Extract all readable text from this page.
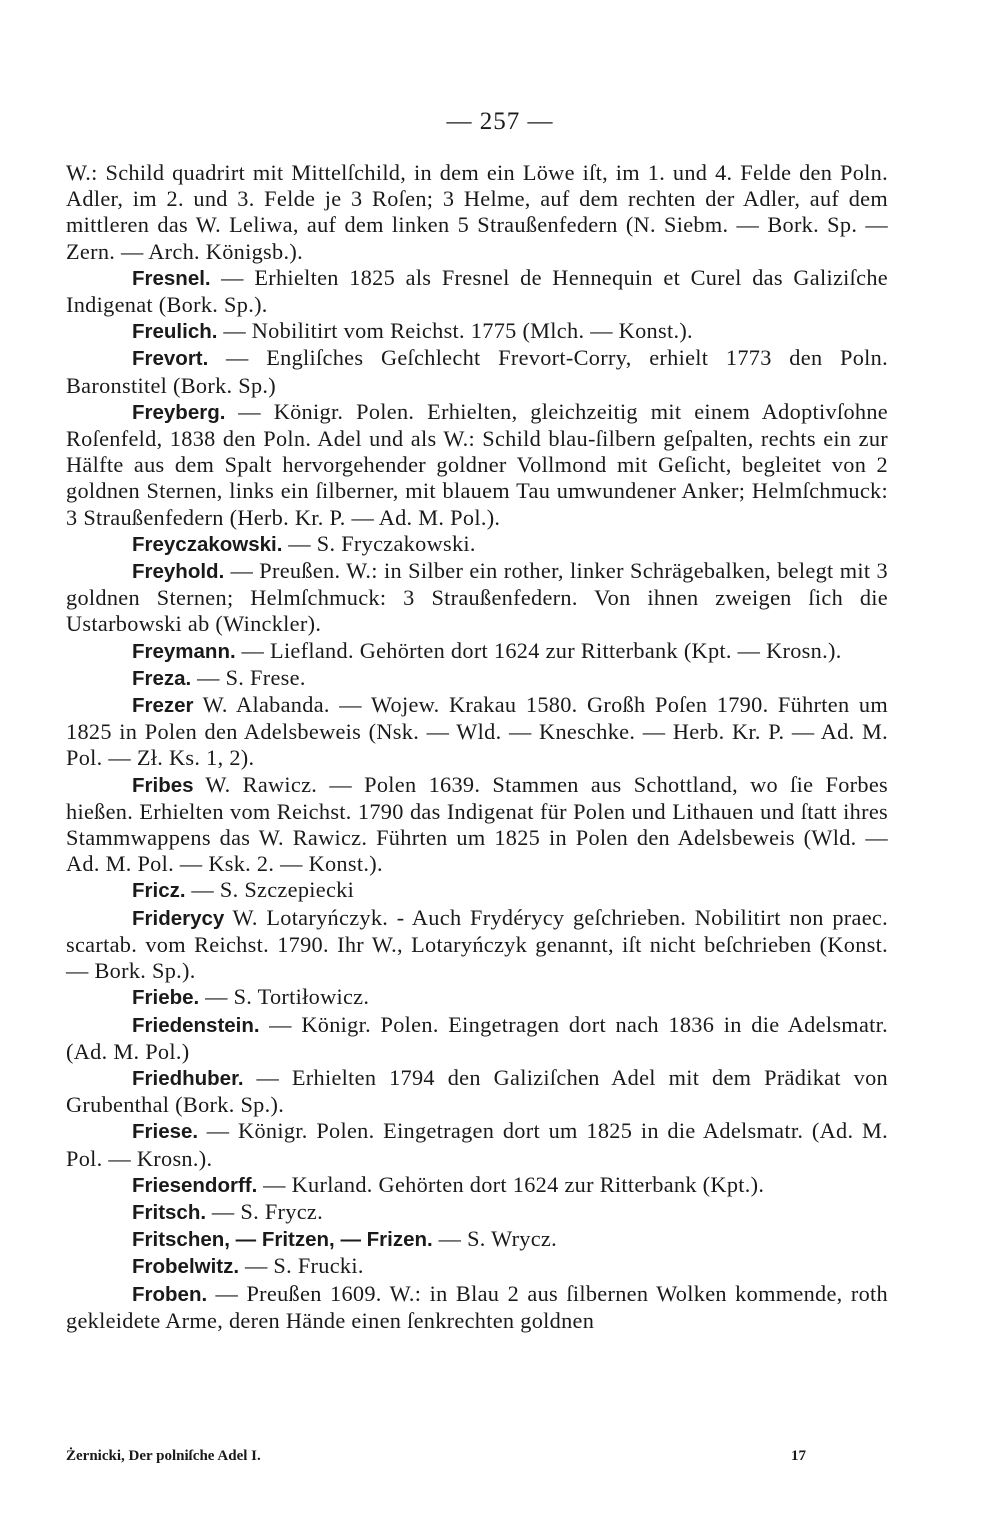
— 257 —

W.: Schild quadrirt mit Mittelſchild, in dem ein Löwe iſt, im 1. und 4. Felde den Poln. Adler, im 2. und 3. Felde je 3 Roſen; 3 Helme, auf dem rechten der Adler, auf dem mittleren das W. Leliwa, auf dem linken 5 Straußenfedern (N. Siebm. — Bork. Sp. — Zern. — Arch. Königsb.).

Fresnel. — Erhielten 1825 als Fresnel de Hennequin et Curel das Galiziſche Indigenat (Bork. Sp.).

Freulich. — Nobilitirt vom Reichst. 1775 (Mlch. — Konst.).

Frevort. — Engliſches Geſchlecht Frevort-Corry, erhielt 1773 den Poln. Baronstitel (Bork. Sp.)

Freyberg. — Königr. Polen. Erhielten, gleichzeitig mit einem Adoptivſohne Roſenfeld, 1838 den Poln. Adel und als W.: Schild blau-ſilbern geſpalten, rechts ein zur Hälfte aus dem Spalt hervorgehender goldner Vollmond mit Geſicht, begleitet von 2 goldnen Sternen, links ein ſilberner, mit blauem Tau umwundener Anker; Helmſchmuck: 3 Straußenfedern (Herb. Kr. P. — Ad. M. Pol.).

Freyczakowski. — S. Fryczakowski.

Freyhold. — Preußen. W.: in Silber ein rother, linker Schrägebalken, belegt mit 3 goldnen Sternen; Helmſchmuck: 3 Straußenfedern. Von ihnen zweigen ſich die Ustarbowski ab (Winckler).

Freymann. — Liefland. Gehörten dort 1624 zur Ritterbank (Kpt. — Krosn.).

Freza. — S. Frese.

Frezer W. Alabanda. — Wojew. Krakau 1580. Großh Poſen 1790. Führten um 1825 in Polen den Adelsbeweis (Nsk. — Wld. — Kneschke. — Herb. Kr. P. — Ad. M. Pol. — Zł. Ks. 1, 2).

Fribes W. Rawicz. — Polen 1639. Stammen aus Schottland, wo ſie Forbes hießen. Erhielten vom Reichst. 1790 das Indigenat für Polen und Lithauen und ſtatt ihres Stammwappens das W. Rawicz. Führten um 1825 in Polen den Adelsbeweis (Wld. — Ad. M. Pol. — Ksk. 2. — Konst.).

Fricz. — S. Szczepiecki

Friderycy W. Lotaryńczyk. - Auch Frydérycy geſchrieben. Nobilitirt non praec. scartab. vom Reichst. 1790. Ihr W., Lotaryńczyk genannt, iſt nicht beſchrieben (Konst. — Bork. Sp.).

Friebe. — S. Tortiłowicz.

Friedenstein. — Königr. Polen. Eingetragen dort nach 1836 in die Adelsmatr. (Ad. M. Pol.)

Friedhuber. — Erhielten 1794 den Galiziſchen Adel mit dem Prädikat von Grubenthal (Bork. Sp.).

Friese. — Königr. Polen. Eingetragen dort um 1825 in die Adelsmatr. (Ad. M. Pol. — Krosn.).

Friesendorff. — Kurland. Gehörten dort 1624 zur Ritterbank (Kpt.).

Fritsch. — S. Frycz.

Fritschen, — Fritzen, — Frizen. — S. Wrycz.

Frobelwitz. — S. Frucki.

Froben. — Preußen 1609. W.: in Blau 2 aus ſilbernen Wolken kommende, roth gekleidete Arme, deren Hände einen ſenkrechten goldnen

Żernicki, Der polniſche Adel I.	17
